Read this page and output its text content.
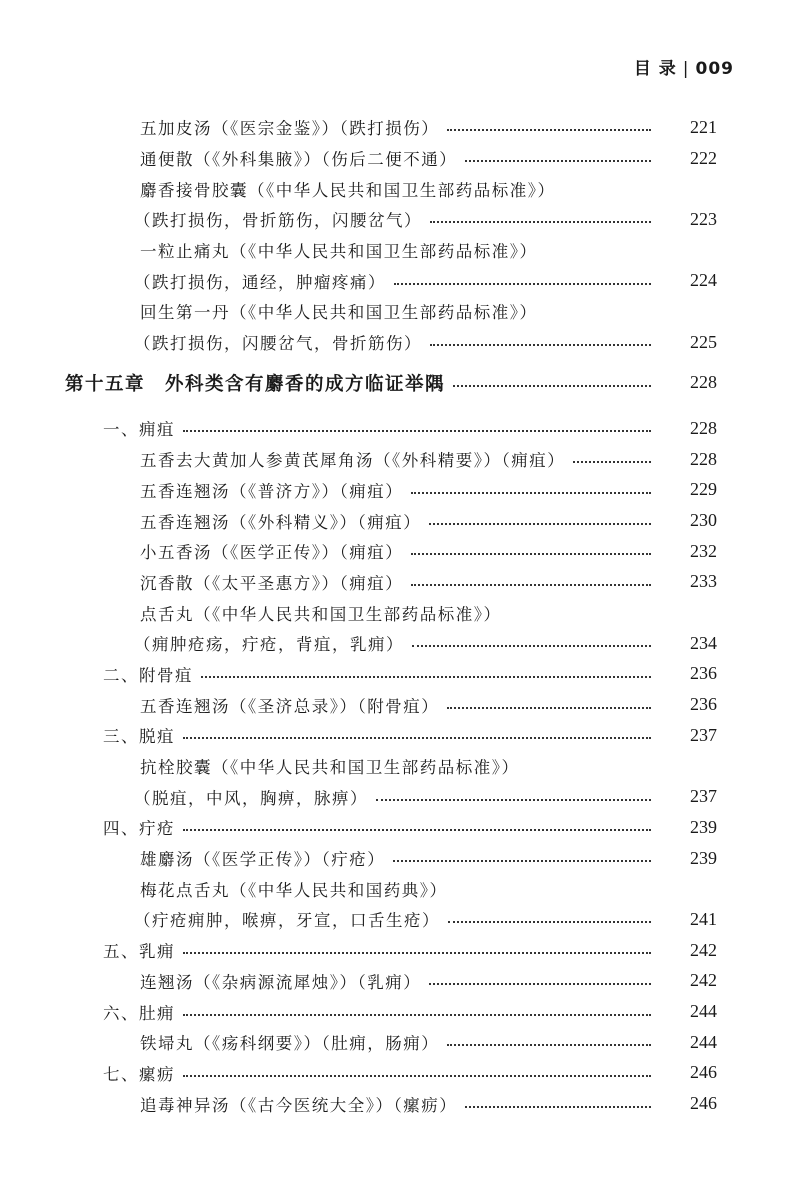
目 录 | 009
五加皮汤（《医宗金鉴》）（跌打损伤）	221
通便散（《外科集腋》）（伤后二便不通）	222
麝香接骨胶囊（《中华人民共和国卫生部药品标准》）
（跌打损伤，骨折筋伤，闪腰岔气）	223
一粒止痛丸（《中华人民共和国卫生部药品标准》）
（跌打损伤，通经，肿瘤疼痛）	224
回生第一丹（《中华人民共和国卫生部药品标准》）
（跌打损伤，闪腰岔气，骨折筋伤）	225
第十五章　外科类含有麝香的成方临证举隅	228
一、痈疽	228
五香去大黄加人参黄芪犀角汤（《外科精要》）（痈疽）	228
五香连翘汤（《普济方》）（痈疽）	229
五香连翘汤（《外科精义》）（痈疽）	230
小五香汤（《医学正传》）（痈疽）	232
沉香散（《太平圣惠方》）（痈疽）	233
点舌丸（《中华人民共和国卫生部药品标准》）
（痈肿疮疡，疔疮，背疽，乳痈）	234
二、附骨疽	236
五香连翘汤（《圣济总录》）（附骨疽）	236
三、脱疽	237
抗栓胶囊（《中华人民共和国卫生部药品标准》）
（脱疽，中风，胸痹，脉痹）	237
四、疔疮	239
雄麝汤（《医学正传》）（疔疮）	239
梅花点舌丸（《中华人民共和国药典》）
（疔疮痈肿，喉痹，牙宣，口舌生疮）	241
五、乳痈	242
连翘汤（《杂病源流犀烛》）（乳痈）	242
六、肚痈	244
铁埽丸（《疡科纲要》）（肚痈，肠痈）	244
七、瘰疬	246
追毒神异汤（《古今医统大全》）（瘰疬）	246
